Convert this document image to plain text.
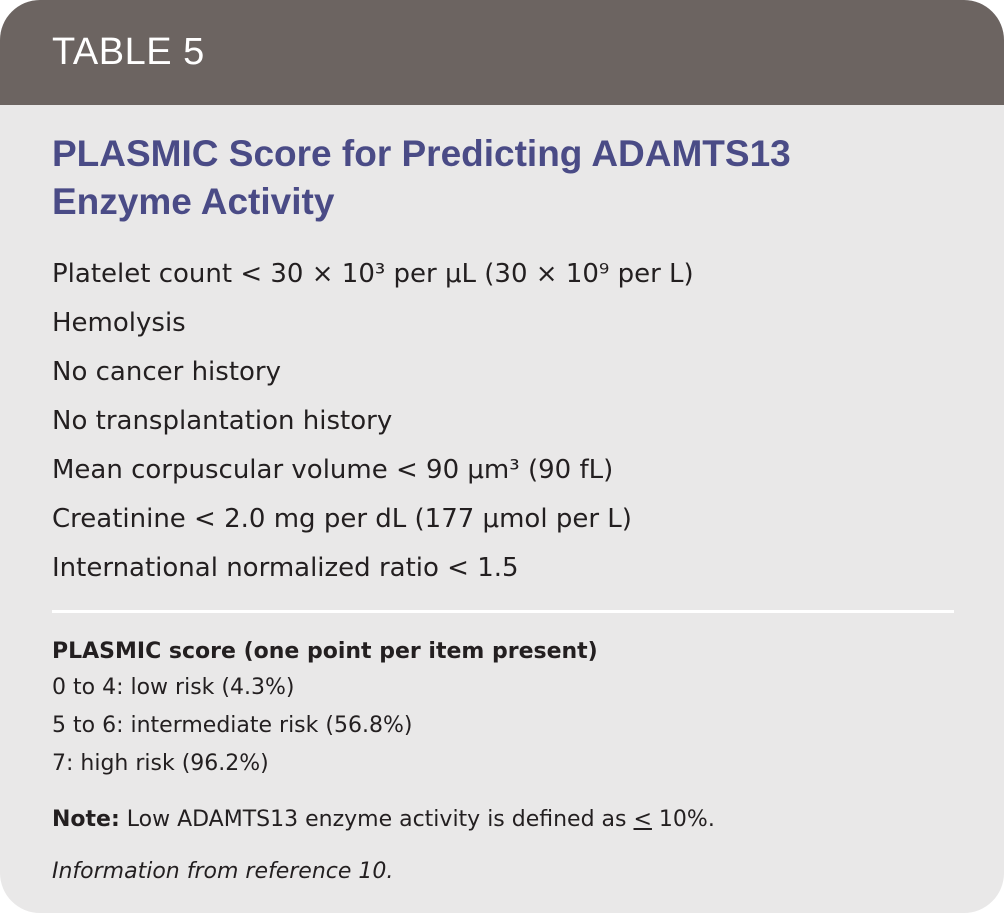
TABLE 5
PLASMIC Score for Predicting ADAMTS13 Enzyme Activity
Platelet count < 30 × 10³ per μL (30 × 10⁹ per L)
Hemolysis
No cancer history
No transplantation history
Mean corpuscular volume < 90 μm³ (90 fL)
Creatinine < 2.0 mg per dL (177 μmol per L)
International normalized ratio < 1.5
PLASMIC score (one point per item present)
0 to 4: low risk (4.3%)
5 to 6: intermediate risk (56.8%)
7: high risk (96.2%)
Note: Low ADAMTS13 enzyme activity is defined as ≤ 10%.
Information from reference 10.
